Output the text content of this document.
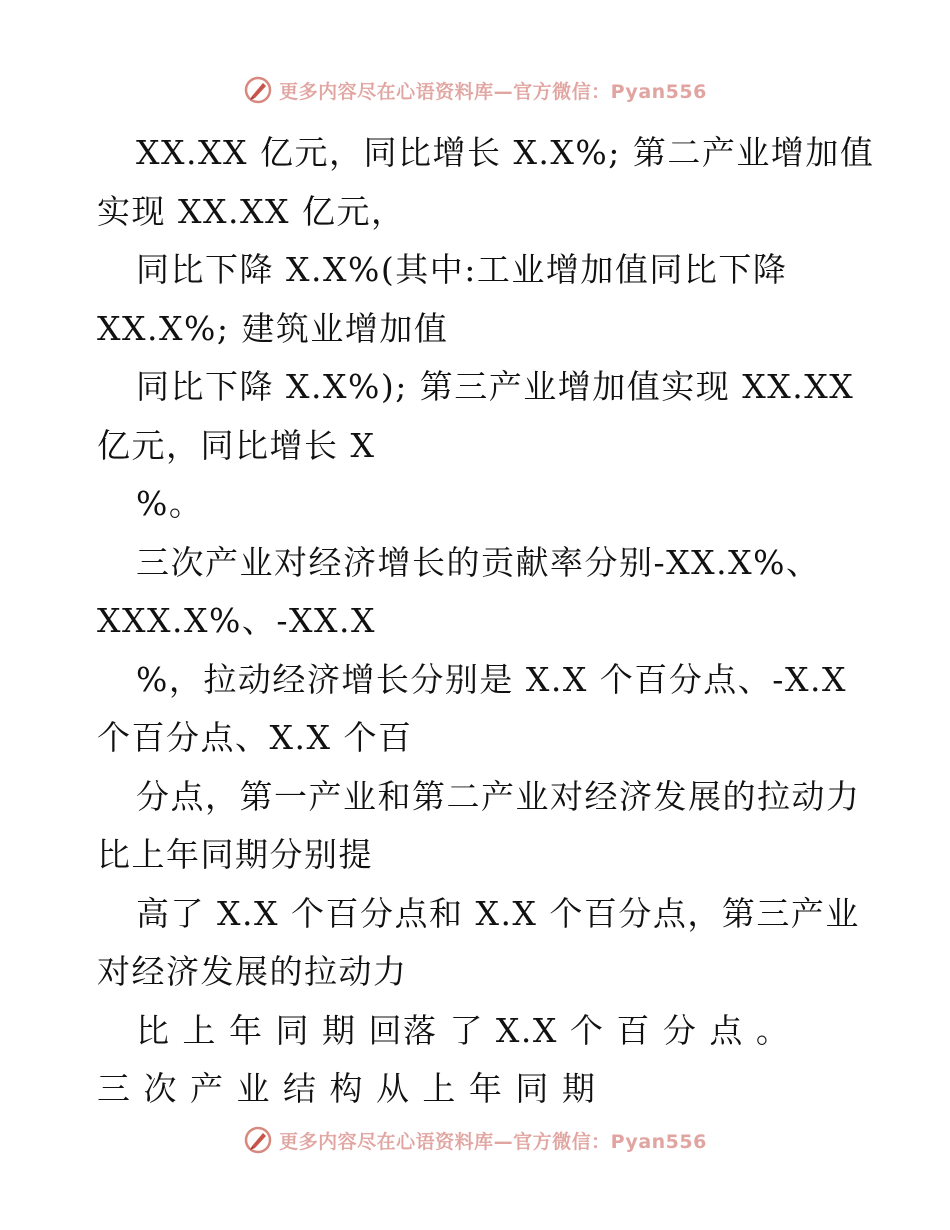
更多内容尽在心语资料库—官方微信：Pyan556
XX.XX 亿元，同比增长 X.X%; 第二产业增加值
实现 XX.XX 亿元，
同比下降 X.X%(其中:工业增加值同比下降
XX.X%; 建筑业增加值
同比下降 X.X%); 第三产业增加值实现 XX.XX
亿元，同比增长 X
%。
三次产业对经济增长的贡献率分别-XX.X%、
XXX.X%、-XX.X
%，拉动经济增长分别是 X.X 个百分点、-X.X
个百分点、X.X 个百
分点，第一产业和第二产业对经济发展的拉动力
比上年同期分别提
高了 X.X 个百分点和 X.X 个百分点，第三产业
对经济发展的拉动力
比 上 年 同 期 回落 了 X.X 个 百 分 点 。
三 次 产 业 结 构 从 上 年 同 期
更多内容尽在心语资料库—官方微信：Pyan556
